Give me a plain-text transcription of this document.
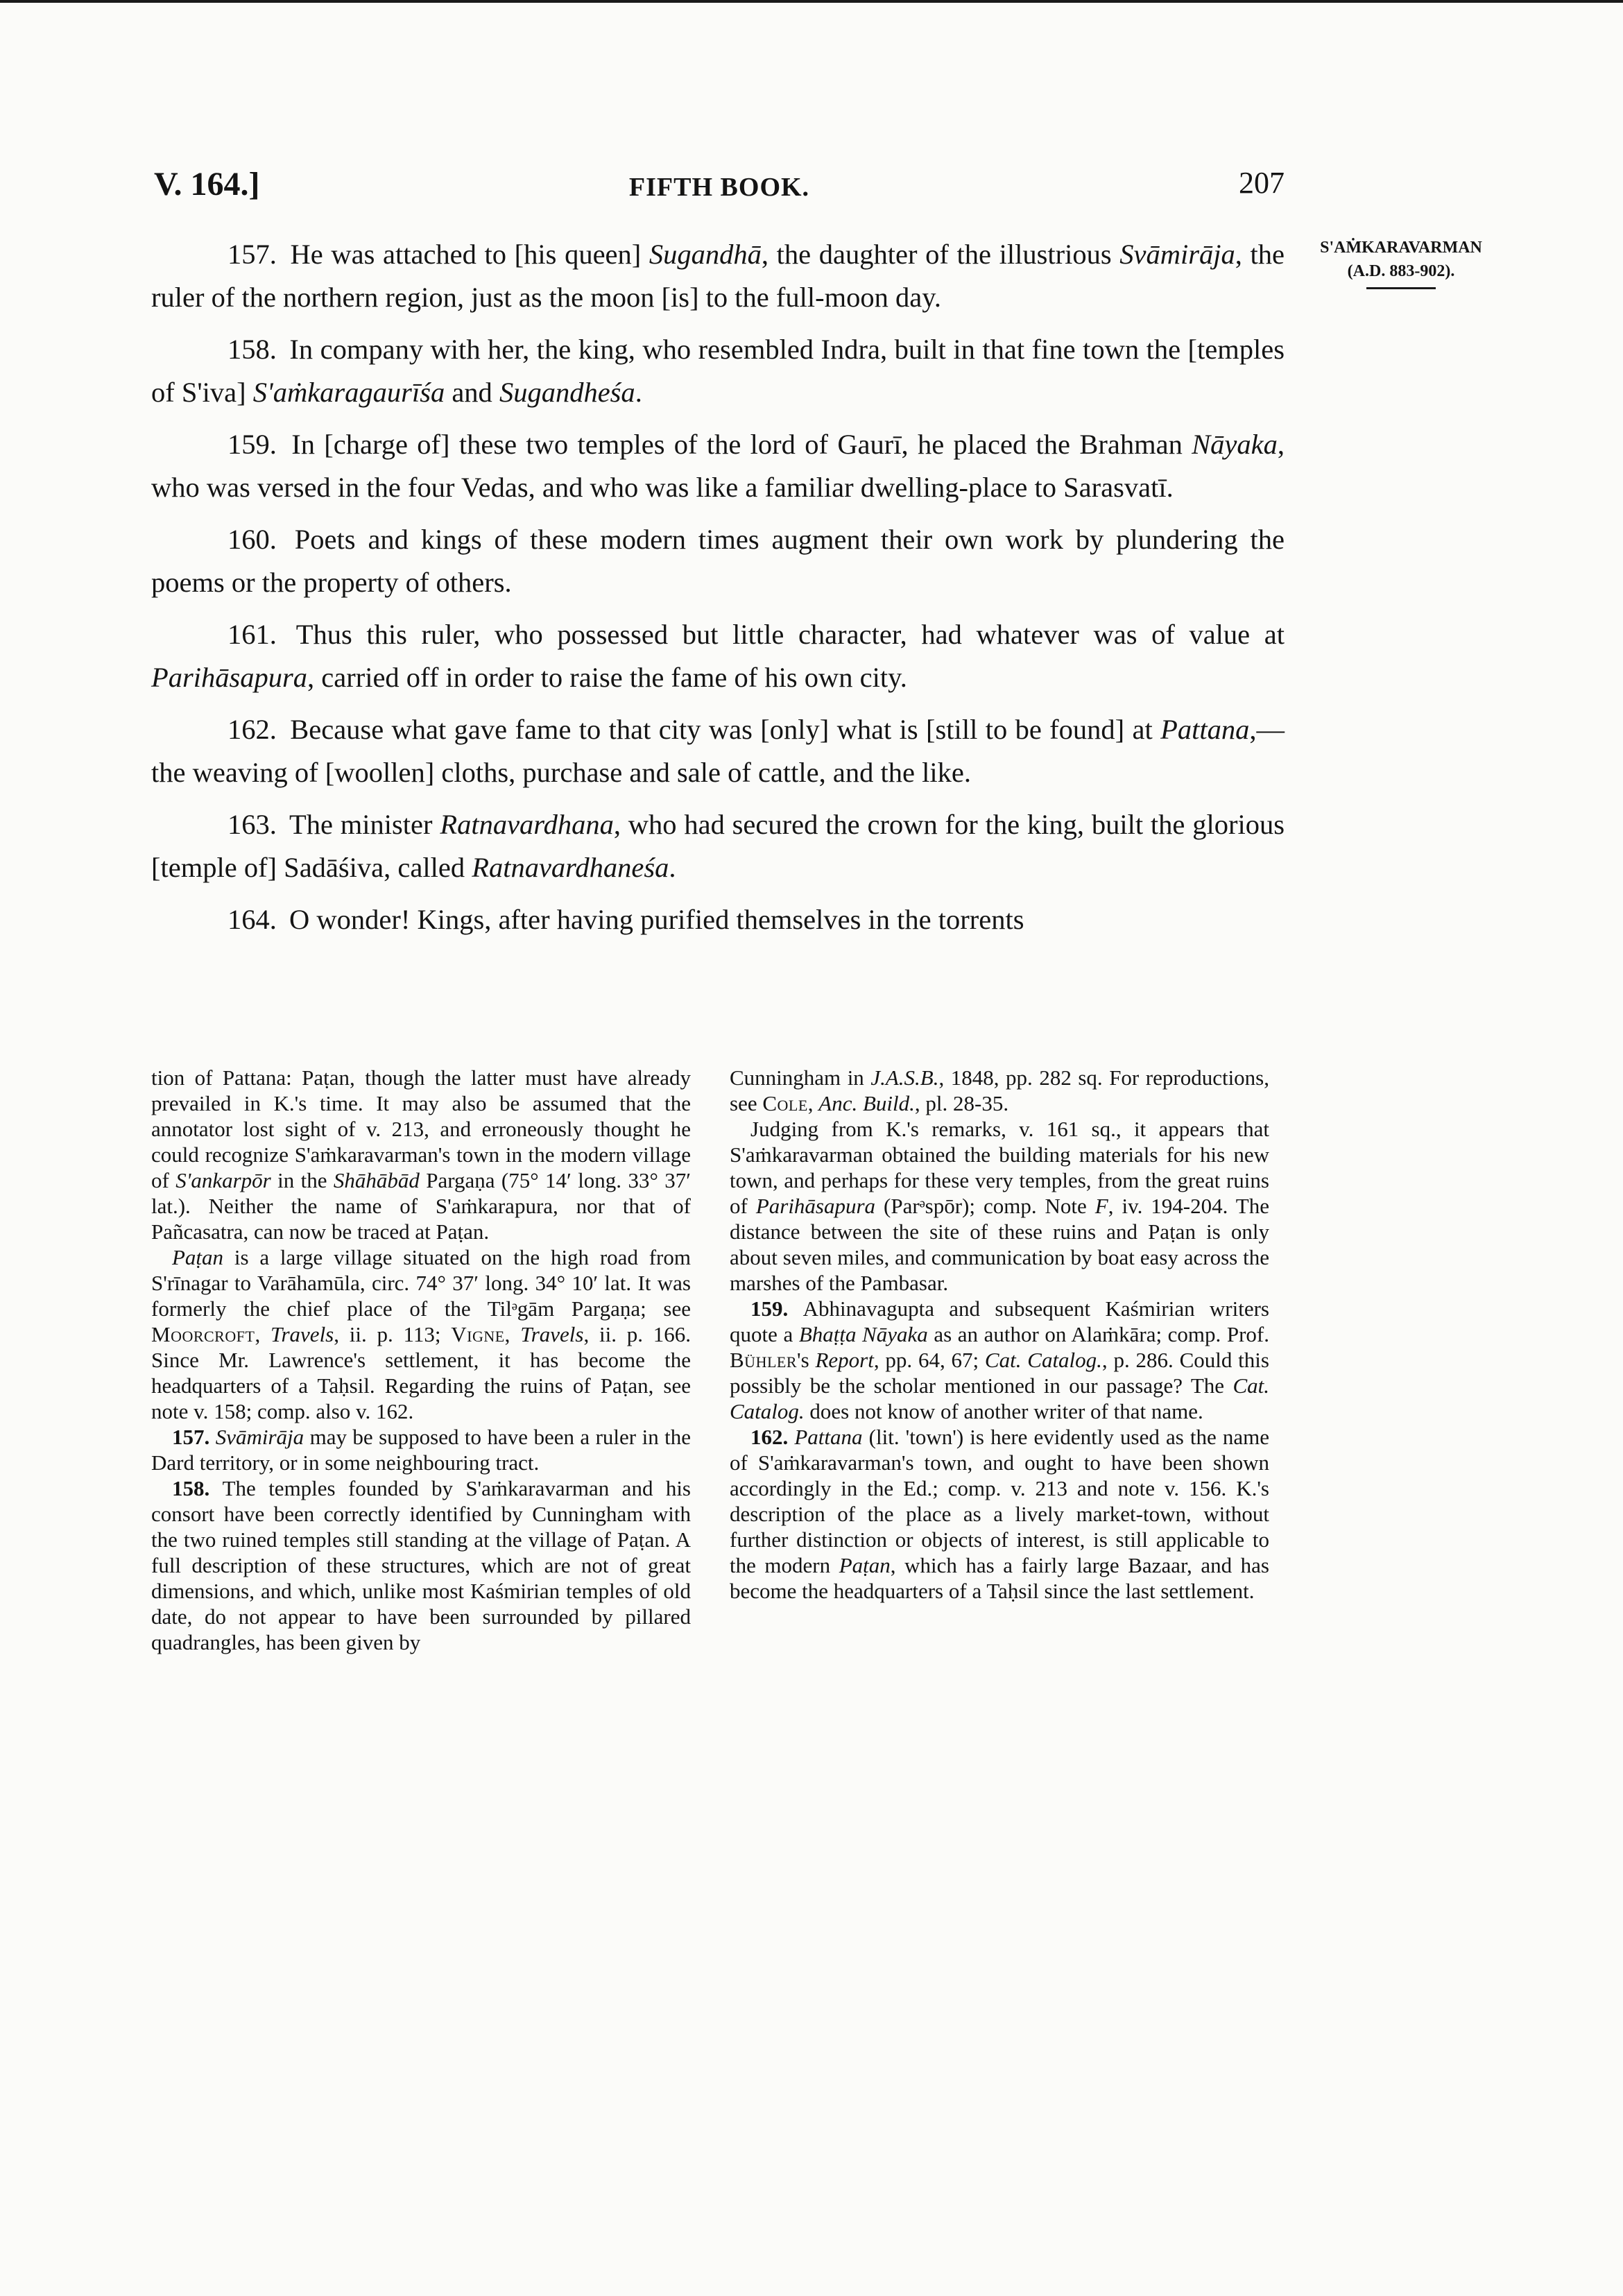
V. 164.]	FIFTH BOOK.	207
S'AṀKARAVARMAN
(A.D. 883-902).

157. He was attached to [his queen] Sugandhā, the daughter of the illustrious Svāmirāja, the ruler of the northern region, just as the moon [is] to the full-moon day.

158. In company with her, the king, who resembled Indra, built in that fine town the [temples of S'iva] S'aṁkaragaurīśa and Sugandheśa.

159. In [charge of] these two temples of the lord of Gaurī, he placed the Brahman Nāyaka, who was versed in the four Vedas, and who was like a familiar dwelling-place to Sarasvatī.

160. Poets and kings of these modern times augment their own work by plundering the poems or the property of others.

161. Thus this ruler, who possessed but little character, had whatever was of value at Parihāsapura, carried off in order to raise the fame of his own city.

162. Because what gave fame to that city was [only] what is [still to be found] at Pattana,—the weaving of [woollen] cloths, purchase and sale of cattle, and the like.

163. The minister Ratnavardhana, who had secured the crown for the king, built the glorious [temple of] Sadāśiva, called Ratnavardhaneśa.

164. O wonder! Kings, after having purified themselves in the torrents

tion of Pattana: Paṭan, though the latter must have already prevailed in K.'s time. It may also be assumed that the annotator lost sight of v. 213, and erroneously thought he could recognize S'aṁkaravarman's town in the modern village of S'ankarpōr in the Shāhābād Pargaṇa (75° 14′ long. 33° 37′ lat.). Neither the name of S'aṁkarapura, nor that of Pañcasatra, can now be traced at Paṭan.

Paṭan is a large village situated on the high road from S'rīnagar to Varāhamūla, circ. 74° 37′ long. 34° 10′ lat. It was formerly the chief place of the Tilᵊgām Pargaṇa; see Moorcroft, Travels, ii. p. 113; Vigne, Travels, ii. p. 166. Since Mr. Lawrence's settlement, it has become the headquarters of a Taḥsil. Regarding the ruins of Paṭan, see note v. 158; comp. also v. 162.

157. Svāmirāja may be supposed to have been a ruler in the Dard territory, or in some neighbouring tract.

158. The temples founded by S'aṁkaravarman and his consort have been correctly identified by Cunningham with the two ruined temples still standing at the village of Paṭan. A full description of these structures, which are not of great dimensions, and which, unlike most Kaśmirian temples of old date, do not appear to have been surrounded by pillared quadrangles, has been given by

Cunningham in J.A.S.B., 1848, pp. 282 sq. For reproductions, see Cole, Anc. Build., pl. 28-35.

Judging from K.'s remarks, v. 161 sq., it appears that S'aṁkaravarman obtained the building materials for his new town, and perhaps for these very temples, from the great ruins of Parihāsapura (Parᵊspōr); comp. Note F, iv. 194-204. The distance between the site of these ruins and Paṭan is only about seven miles, and communication by boat easy across the marshes of the Pambasar.

159. Abhinavagupta and subsequent Kaśmirian writers quote a Bhaṭṭa Nāyaka as an author on Alaṁkāra; comp. Prof. Bühler's Report, pp. 64, 67; Cat. Catalog., p. 286. Could this possibly be the scholar mentioned in our passage? The Cat. Catalog. does not know of another writer of that name.

162. Pattana (lit. 'town') is here evidently used as the name of S'aṁkaravarman's town, and ought to have been shown accordingly in the Ed.; comp. v. 213 and note v. 156. K.'s description of the place as a lively market-town, without further distinction or objects of interest, is still applicable to the modern Paṭan, which has a fairly large Bazaar, and has become the headquarters of a Taḥsil since the last settlement.
